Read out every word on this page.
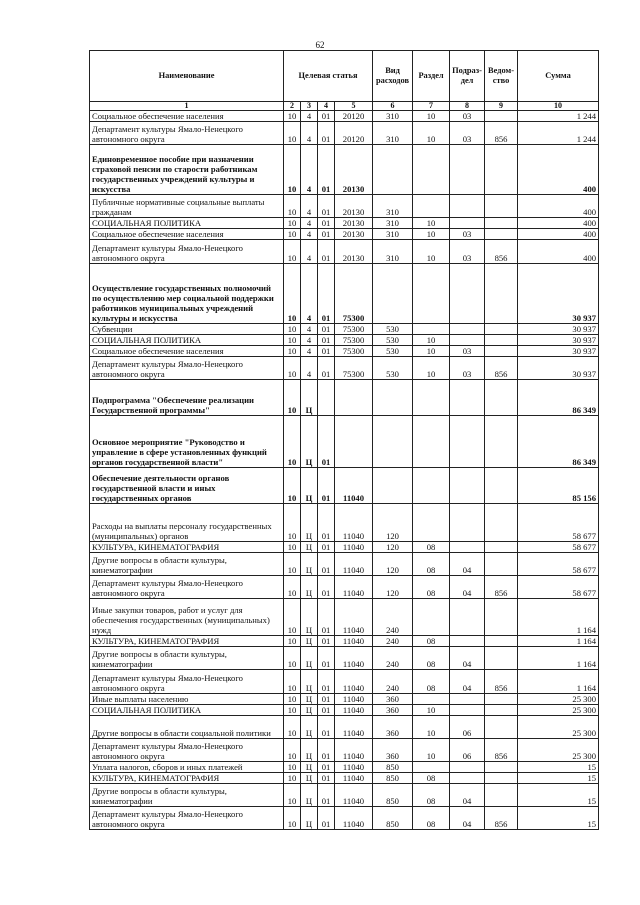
62
Наименование	Целевая статья				Вид расходов	Раздел	Подраз-дел	Ведом-ство	Сумма
1	2	3	4	5	6	7	8	9	10
Социальное обеспечение населения	10	4	01	20120	310	10	03		1 244
Департамент культуры Ямало-Ненецкого автономного округа	10	4	01	20120	310	10	03	856	1 244
Единовременное пособие при назначении страховой пенсии по старости работникам государственных учреждений культуры и искусства	10	4	01	20130					400
Публичные нормативные социальные выплаты гражданам	10	4	01	20130	310				400
СОЦИАЛЬНАЯ ПОЛИТИКА	10	4	01	20130	310	10			400
Социальное обеспечение населения	10	4	01	20130	310	10	03		400
Департамент культуры Ямало-Ненецкого автономного округа	10	4	01	20130	310	10	03	856	400
Осуществление государственных полномочий по осуществлению мер социальной поддержки работников муниципальных учреждений культуры и искусства	10	4	01	75300					30 937
Субвенции	10	4	01	75300	530				30 937
СОЦИАЛЬНАЯ ПОЛИТИКА	10	4	01	75300	530	10			30 937
Социальное обеспечение населения	10	4	01	75300	530	10	03		30 937
Департамент культуры Ямало-Ненецкого автономного округа	10	4	01	75300	530	10	03	856	30 937
Подпрограмма "Обеспечение реализации Государственной программы"	10	Ц							86 349
Основное мероприятие "Руководство и управление в сфере установленных функций органов государственной власти"	10	Ц	01						86 349
Обеспечение деятельности органов государственной власти и иных государственных органов	10	Ц	01	11040					85 156
Расходы на выплаты персоналу государственных (муниципальных) органов	10	Ц	01	11040	120				58 677
КУЛЬТУРА, КИНЕМАТОГРАФИЯ	10	Ц	01	11040	120	08			58 677
Другие вопросы в области культуры, кинематографии	10	Ц	01	11040	120	08	04		58 677
Департамент культуры Ямало-Ненецкого автономного округа	10	Ц	01	11040	120	08	04	856	58 677
Иные закупки товаров, работ и услуг для обеспечения государственных (муниципальных) нужд	10	Ц	01	11040	240				1 164
КУЛЬТУРА, КИНЕМАТОГРАФИЯ	10	Ц	01	11040	240	08			1 164
Другие вопросы в области культуры, кинематографии	10	Ц	01	11040	240	08	04		1 164
Департамент культуры Ямало-Ненецкого автономного округа	10	Ц	01	11040	240	08	04	856	1 164
Иные выплаты населению	10	Ц	01	11040	360				25 300
СОЦИАЛЬНАЯ ПОЛИТИКА	10	Ц	01	11040	360	10			25 300
Другие вопросы в области социальной политики	10	Ц	01	11040	360	10	06		25 300
Департамент культуры Ямало-Ненецкого автономного округа	10	Ц	01	11040	360	10	06	856	25 300
Уплата налогов, сборов и иных платежей	10	Ц	01	11040	850				15
КУЛЬТУРА, КИНЕМАТОГРАФИЯ	10	Ц	01	11040	850	08			15
Другие вопросы в области культуры, кинематографии	10	Ц	01	11040	850	08	04		15
Департамент культуры Ямало-Ненецкого автономного округа	10	Ц	01	11040	850	08	04	856	15
